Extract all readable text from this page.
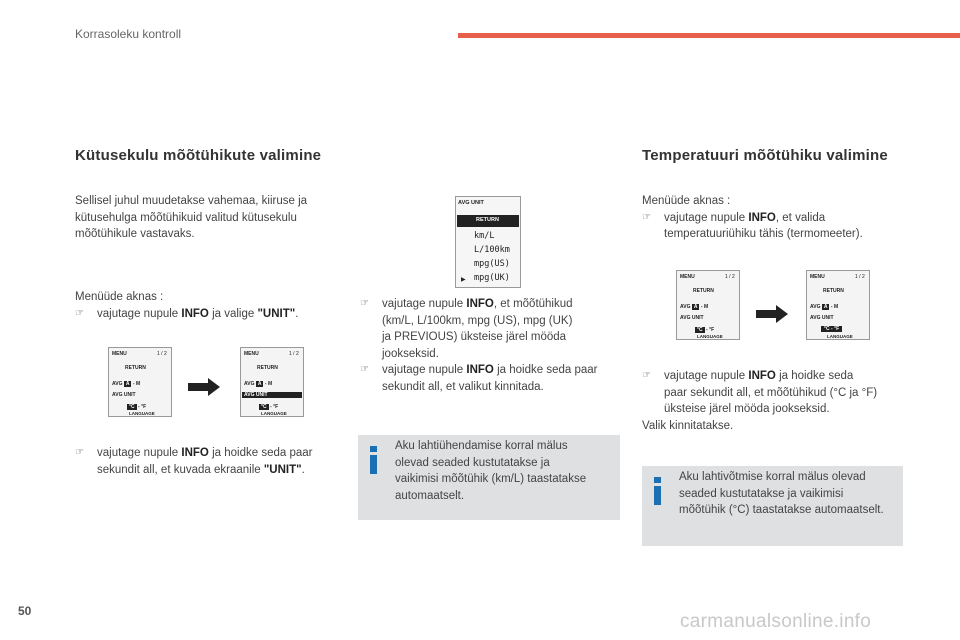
Korrasoleku kontroll
Kütusekulu mõõtühikute valimine
Sellisel juhul muudetakse vahemaa, kiiruse ja
kütusehulga mõõtühikuid valitud kütusekulu
mõõtühikule vastavaks.
Menüüde aknas :
☞ vajutage nupule INFO ja valige "UNIT".
MENU	1 / 2
RETURN
AVG A - M
AVG UNIT
°C - °F
LANGUAGE
MENU	1 / 2
RETURN
AVG A - M
AVG UNIT
°C - °F
LANGUAGE
☞ vajutage nupule INFO ja hoidke seda paar
sekundit all, et kuvada ekraanile "UNIT".
AVG UNIT
RETURN
km/L
L/100km
mpg(US)
▶ mpg(UK)
☞ vajutage nupule INFO, et mõõtühikud
(km/L, L/100km, mpg (US), mpg (UK)
ja PREVIOUS) üksteise järel mööda
jookseksid.
☞ vajutage nupule INFO ja hoidke seda paar
sekundit all, et valikut kinnitada.
Aku lahtiühendamise korral mälus
olevad seaded kustutatakse ja
vaikimisi mõõtühik (km/L) taastatakse
automaatselt.
Temperatuuri mõõtühiku valimine
Menüüde aknas :
☞ vajutage nupule INFO, et valida
temperatuuriühiku tähis (termomeeter).
MENU	1 / 2
RETURN
AVG A - M
AVG UNIT
°C - °F
LANGUAGE
MENU	1 / 2
RETURN
AVG A - M
AVG UNIT
°C - °F
LANGUAGE
☞ vajutage nupule INFO ja hoidke seda
paar sekundit all, et mõõtühikud (°C ja °F)
üksteise järel mööda jookseksid.
Valik kinnitatakse.
Aku lahtivõtmise korral mälus olevad
seaded kustutatakse ja vaikimisi
mõõtühik (°C) taastatakse automaatselt.
50	carmanualsonline.info
